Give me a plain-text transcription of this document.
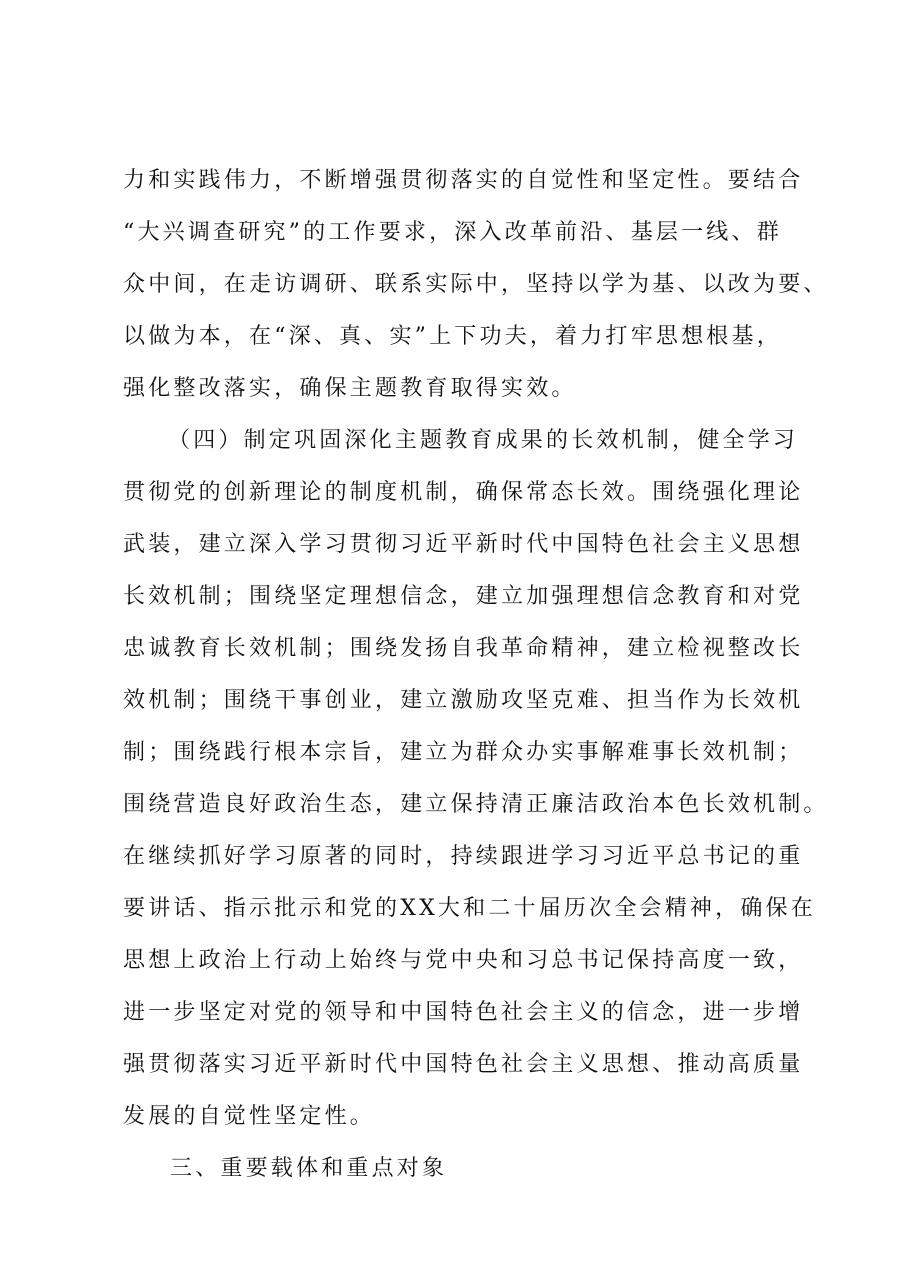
力和实践伟力，不断增强贯彻落实的自觉性和坚定性。要结合
“大兴调查研究”的工作要求，深入改革前沿、基层一线、群
众中间，在走访调研、联系实际中，坚持以学为基、以改为要、
以做为本，在“深、真、实”上下功夫，着力打牢思想根基，
强化整改落实，确保主题教育取得实效。
（四）制定巩固深化主题教育成果的长效机制，健全学习
贯彻党的创新理论的制度机制，确保常态长效。围绕强化理论
武装，建立深入学习贯彻习近平新时代中国特色社会主义思想
长效机制；围绕坚定理想信念，建立加强理想信念教育和对党
忠诚教育长效机制；围绕发扬自我革命精神，建立检视整改长
效机制；围绕干事创业，建立激励攻坚克难、担当作为长效机
制；围绕践行根本宗旨，建立为群众办实事解难事长效机制；
围绕营造良好政治生态，建立保持清正廉洁政治本色长效机制。
在继续抓好学习原著的同时，持续跟进学习习近平总书记的重
要讲话、指示批示和党的XX大和二十届历次全会精神，确保在
思想上政治上行动上始终与党中央和习总书记保持高度一致，
进一步坚定对党的领导和中国特色社会主义的信念，进一步增
强贯彻落实习近平新时代中国特色社会主义思想、推动高质量
发展的自觉性坚定性。
三、重要载体和重点对象
